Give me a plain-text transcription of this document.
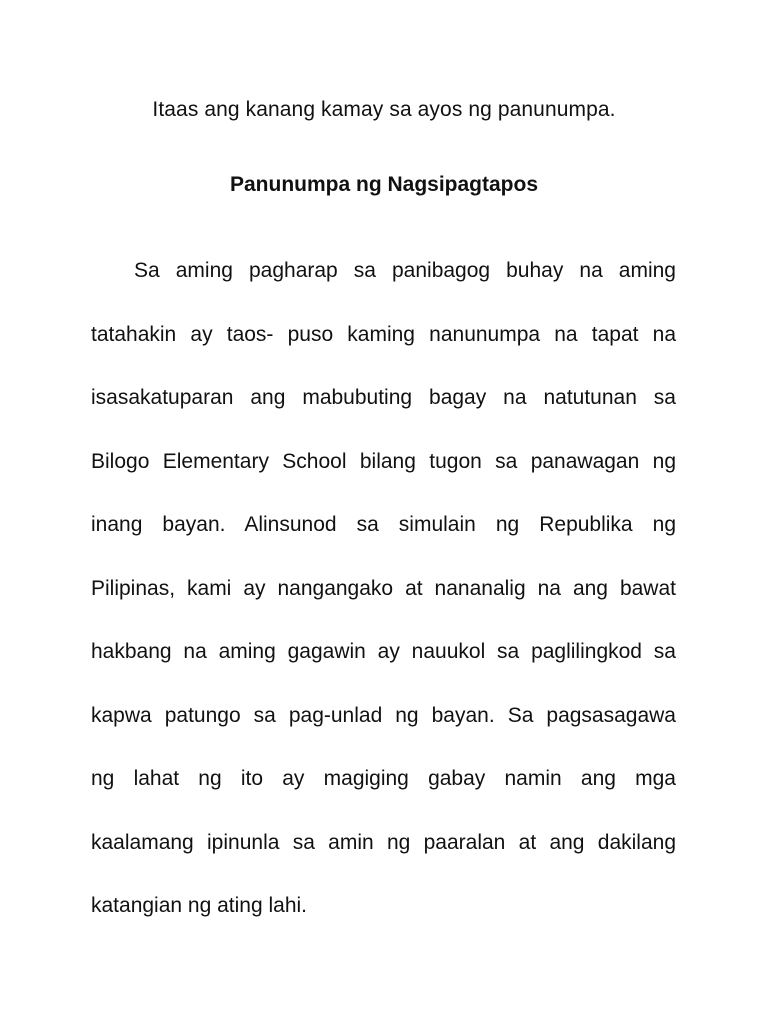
Itaas ang kanang kamay sa ayos ng panunumpa.
Panunumpa ng Nagsipagtapos
Sa aming pagharap sa panibagog buhay na aming
tatahakin ay taos- puso kaming nanunumpa na tapat na
isasakatuparan ang mabubuting bagay na natutunan sa
Bilogo Elementary School bilang tugon sa panawagan ng
inang bayan. Alinsunod sa simulain ng Republika ng
Pilipinas, kami ay nangangako at nananalig na ang bawat
hakbang na aming gagawin ay nauukol sa paglilingkod sa
kapwa patungo sa pag-unlad ng bayan. Sa pagsasagawa
ng lahat ng ito ay magiging gabay namin ang mga
kaalamang ipinunla sa amin ng paaralan at ang dakilang
katangian ng ating lahi.
